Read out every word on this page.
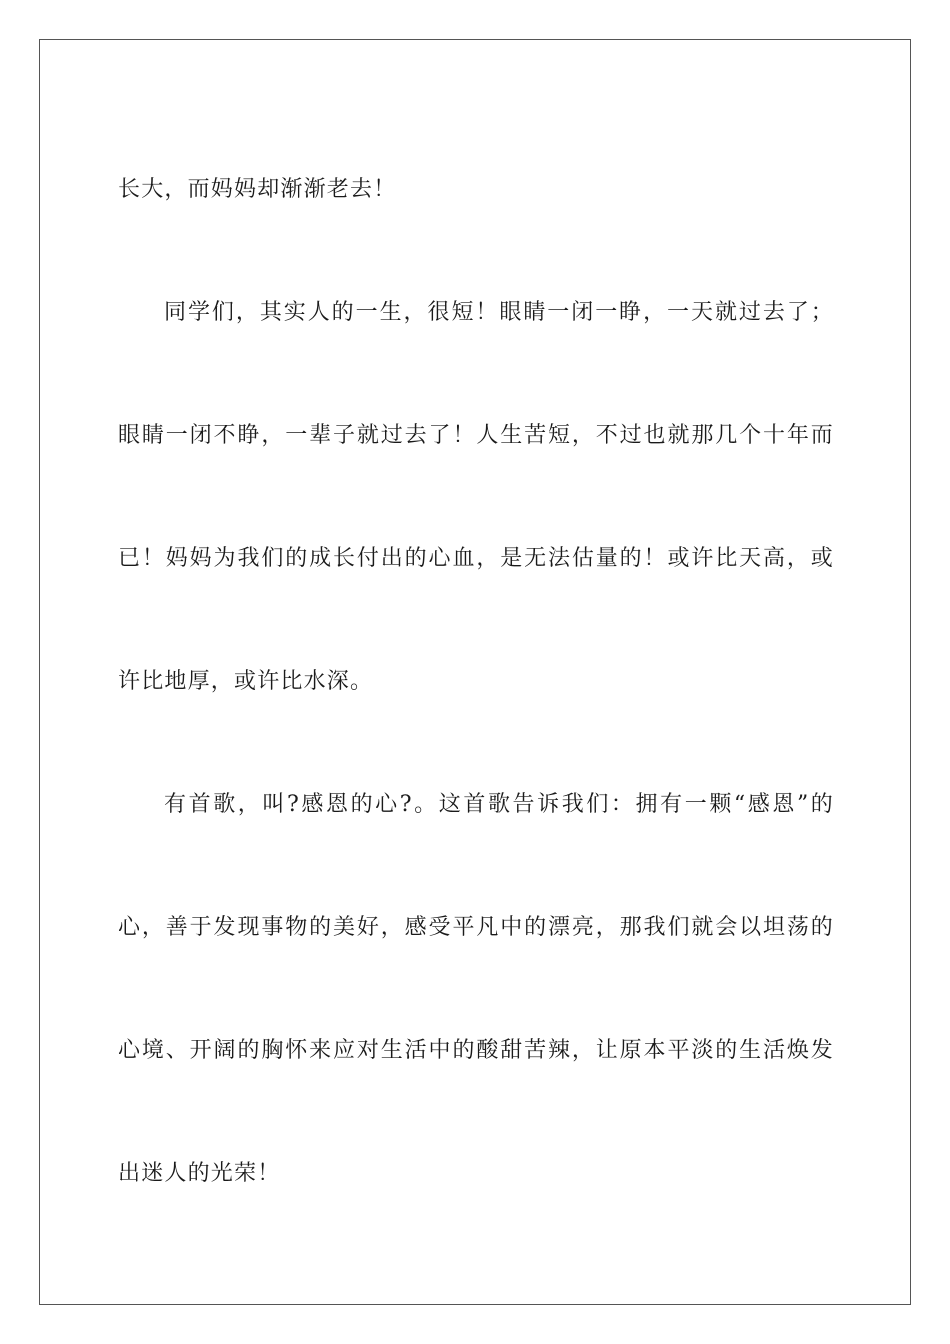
长大，而妈妈却渐渐老去！
同学们，其实人的一生，很短！眼睛一闭一睁，一天就过去了；
眼睛一闭不睁，一辈子就过去了！人生苦短，不过也就那几个十年而
已！妈妈为我们的成长付出的心血，是无法估量的！或许比天高，或
许比地厚，或许比水深。
有首歌，叫?感恩的心?。这首歌告诉我们：拥有一颗“感恩”的
心，善于发现事物的美好，感受平凡中的漂亮，那我们就会以坦荡的
心境、开阔的胸怀来应对生活中的酸甜苦辣，让原本平淡的生活焕发
出迷人的光荣！
